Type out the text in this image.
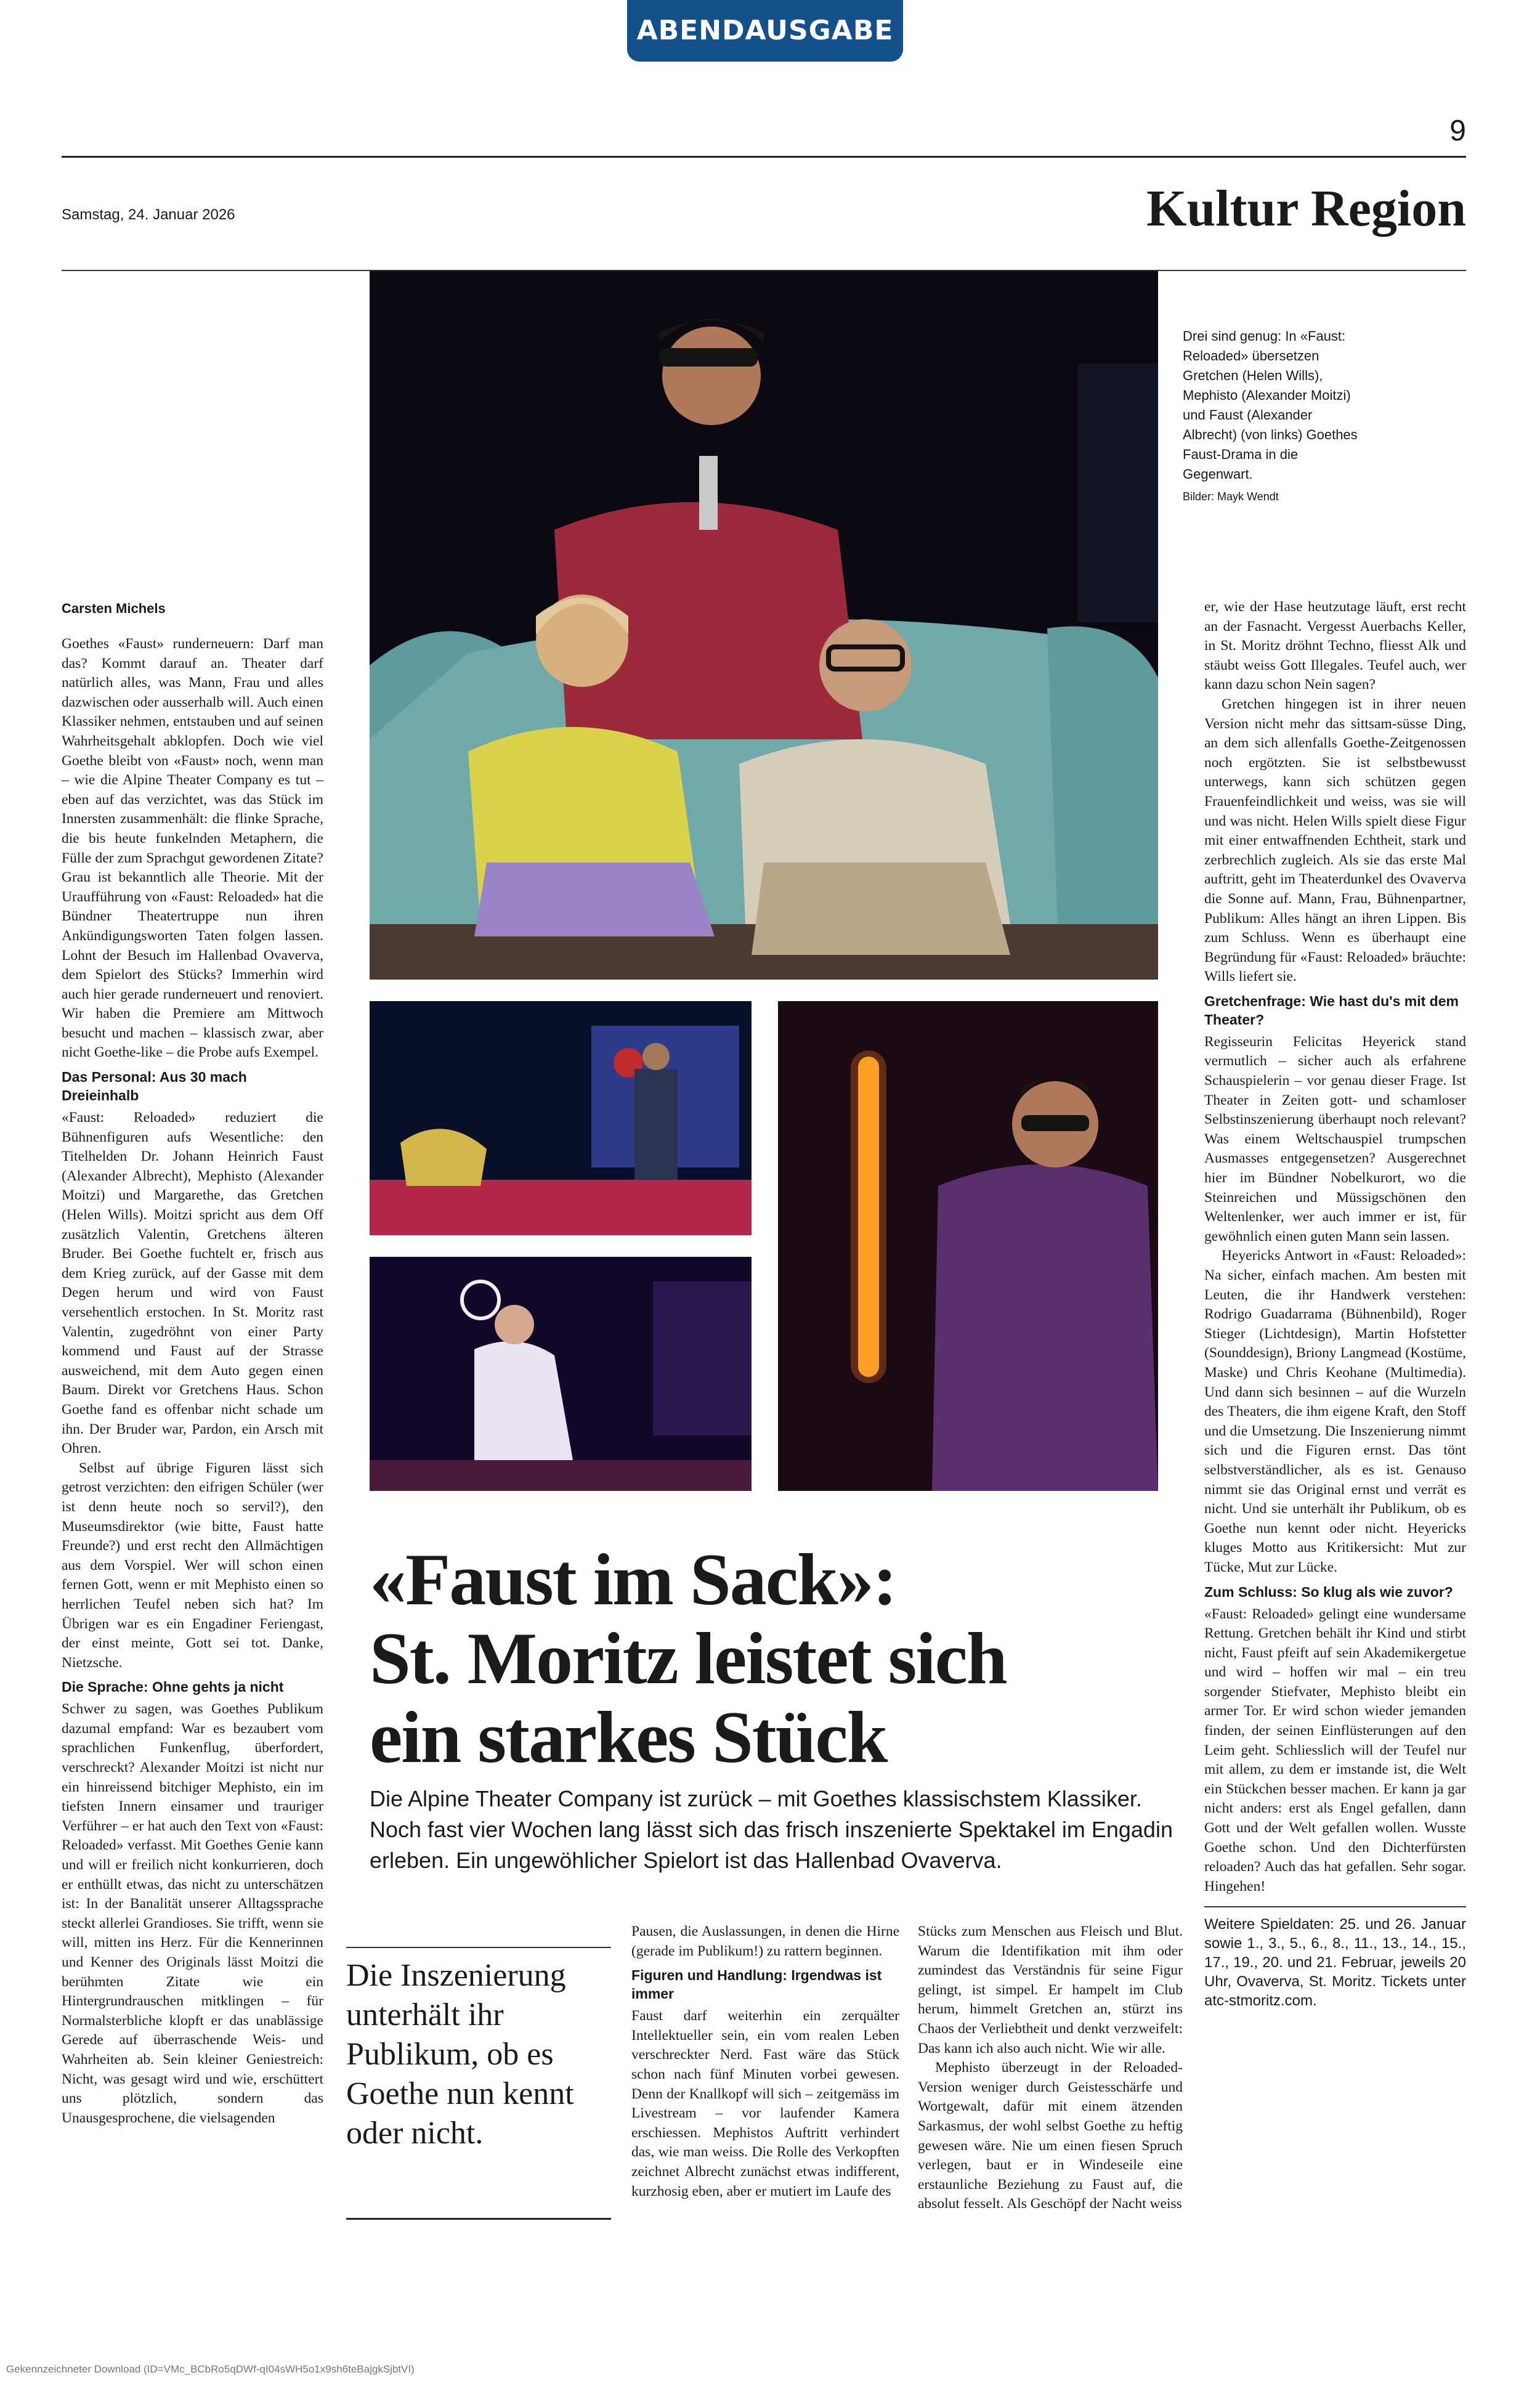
ABENDAUSGABE
9
Samstag, 24. Januar 2026	Kultur Region
Drei sind genug: In «Faust: Reloaded» übersetzen Gretchen (Helen Wills), Mephisto (Alexander Moitzi) und Faust (Alexander Albrecht) (von links) Goethes Faust-Drama in die Gegenwart.
Bilder: Mayk Wendt
Carsten Michels

Goethes «Faust» runderneuern: Darf man das? Kommt darauf an. Theater darf natürlich alles, was Mann, Frau und alles dazwischen oder ausserhalb will. Auch einen Klassiker nehmen, entstauben und auf seinen Wahrheitsgehalt abklopfen. Doch wie viel Goethe bleibt von «Faust» noch, wenn man – wie die Alpine Theater Company es tut – eben auf das verzichtet, was das Stück im Innersten zusammenhält: die flinke Sprache, die bis heute funkelnden Metaphern, die Fülle der zum Sprachgut gewordenen Zitate? Grau ist bekanntlich alle Theorie. Mit der Uraufführung von «Faust: Reloaded» hat die Bündner Theatertruppe nun ihren Ankündigungsworten Taten folgen lassen. Lohnt der Besuch im Hallenbad Ovaverva, dem Spielort des Stücks? Immerhin wird auch hier gerade runderneuert und renoviert. Wir haben die Premiere am Mittwoch besucht und machen – klassisch zwar, aber nicht Goethe-like – die Probe aufs Exempel.

Das Personal: Aus 30 mach Dreieinhalb

«Faust: Reloaded» reduziert die Bühnenfiguren aufs Wesentliche: den Titelhelden Dr. Johann Heinrich Faust (Alexander Albrecht), Mephisto (Alexander Moitzi) und Margarethe, das Gretchen (Helen Wills). Moitzi spricht aus dem Off zusätzlich Valentin, Gretchens älteren Bruder. Bei Goethe fuchtelt er, frisch aus dem Krieg zurück, auf der Gasse mit dem Degen herum und wird von Faust versehentlich erstochen. In St. Moritz rast Valentin, zugedröhnt von einer Party kommend und Faust auf der Strasse ausweichend, mit dem Auto gegen einen Baum. Direkt vor Gretchens Haus. Schon Goethe fand es offenbar nicht schade um ihn. Der Bruder war, Pardon, ein Arsch mit Ohren.

Selbst auf übrige Figuren lässt sich getrost verzichten: den eifrigen Schüler (wer ist denn heute noch so servil?), den Museumsdirektor (wie bitte, Faust hatte Freunde?) und erst recht den Allmächtigen aus dem Vorspiel. Wer will schon einen fernen Gott, wenn er mit Mephisto einen so herrlichen Teufel neben sich hat? Im Übrigen war es ein Engadiner Feriengast, der einst meinte, Gott sei tot. Danke, Nietzsche.

Die Sprache: Ohne gehts ja nicht

Schwer zu sagen, was Goethes Publikum dazumal empfand: War es bezaubert vom sprachlichen Funkenflug, überfordert, verschreckt? Alexander Moitzi ist nicht nur ein hinreissend bitchiger Mephisto, ein im tiefsten Innern einsamer und trauriger Verführer – er hat auch den Text von «Faust: Reloaded» verfasst. Mit Goethes Genie kann und will er freilich nicht konkurrieren, doch er enthüllt etwas, das nicht zu unterschätzen ist: In der Banalität unserer Alltagssprache steckt allerlei Grandioses. Sie trifft, wenn sie will, mitten ins Herz. Für die Kennerinnen und Kenner des Originals lässt Moitzi die berühmten Zitate wie ein Hintergrundrauschen mitklingen – für Normalsterbliche klopft er das unablässige Gerede auf überraschende Weis- und Wahrheiten ab. Sein kleiner Geniestreich: Nicht, was gesagt wird und wie, erschüttert uns plötzlich, sondern das Unausgesprochene, die vielsagenden

«Faust im Sack»:
St. Moritz leistet sich
ein starkes Stück
Die Alpine Theater Company ist zurück – mit Goethes klassischstem Klassiker. Noch fast vier Wochen lang lässt sich das frisch inszenierte Spektakel im Engadin erleben. Ein ungewöhlicher Spielort ist das Hallenbad Ovaverva.
Die Inszenierung unterhält ihr Publikum, ob es Goethe nun kennt oder nicht.

Pausen, die Auslassungen, in denen die Hirne (gerade im Publikum!) zu rattern beginnen.

Figuren und Handlung: Irgendwas ist immer

Faust darf weiterhin ein zerquälter Intellektueller sein, ein vom realen Leben verschreckter Nerd. Fast wäre das Stück schon nach fünf Minuten vorbei gewesen. Denn der Knallkopf will sich – zeitgemäss im Livestream – vor laufender Kamera erschiessen. Mephistos Auftritt verhindert das, wie man weiss. Die Rolle des Verkopften zeichnet Albrecht zunächst etwas indifferent, kurzhosig eben, aber er mutiert im Laufe des

Stücks zum Menschen aus Fleisch und Blut. Warum die Identifikation mit ihm oder zumindest das Verständnis für seine Figur gelingt, ist simpel. Er hampelt im Club herum, himmelt Gretchen an, stürzt ins Chaos der Verliebtheit und denkt verzweifelt: Das kann ich also auch nicht. Wie wir alle.

Mephisto überzeugt in der Reloaded-Version weniger durch Geistesschärfe und Wortgewalt, dafür mit einem ätzenden Sarkasmus, der wohl selbst Goethe zu heftig gewesen wäre. Nie um einen fiesen Spruch verlegen, baut er in Windeseile eine erstaunliche Beziehung zu Faust auf, die absolut fesselt. Als Geschöpf der Nacht weiss

er, wie der Hase heutzutage läuft, erst recht an der Fasnacht. Vergesst Auerbachs Keller, in St. Moritz dröhnt Techno, fliesst Alk und stäubt weiss Gott Illegales. Teufel auch, wer kann dazu schon Nein sagen?

Gretchen hingegen ist in ihrer neuen Version nicht mehr das sittsam-süsse Ding, an dem sich allenfalls Goethe-Zeitgenossen noch ergötzten. Sie ist selbstbewusst unterwegs, kann sich schützen gegen Frauenfeindlichkeit und weiss, was sie will und was nicht. Helen Wills spielt diese Figur mit einer entwaffnenden Echtheit, stark und zerbrechlich zugleich. Als sie das erste Mal auftritt, geht im Theaterdunkel des Ovaverva die Sonne auf. Mann, Frau, Bühnenpartner, Publikum: Alles hängt an ihren Lippen. Bis zum Schluss. Wenn es überhaupt eine Begründung für «Faust: Reloaded» bräuchte: Wills liefert sie.

Gretchenfrage: Wie hast du's mit dem Theater?

Regisseurin Felicitas Heyerick stand vermutlich – sicher auch als erfahrene Schauspielerin – vor genau dieser Frage. Ist Theater in Zeiten gott- und schamloser Selbstinszenierung überhaupt noch relevant? Was einem Weltschauspiel trumpschen Ausmasses entgegensetzen? Ausgerechnet hier im Bündner Nobelkurort, wo die Steinreichen und Müssigschönen den Weltenlenker, wer auch immer er ist, für gewöhnlich einen guten Mann sein lassen.

Heyericks Antwort in «Faust: Reloaded»: Na sicher, einfach machen. Am besten mit Leuten, die ihr Handwerk verstehen: Rodrigo Guadarrama (Bühnenbild), Roger Stieger (Lichtdesign), Martin Hofstetter (Sounddesign), Briony Langmead (Kostüme, Maske) und Chris Keohane (Multimedia). Und dann sich besinnen – auf die Wurzeln des Theaters, die ihm eigene Kraft, den Stoff und die Umsetzung. Die Inszenierung nimmt sich und die Figuren ernst. Das tönt selbstverständlicher, als es ist. Genauso nimmt sie das Original ernst und verrät es nicht. Und sie unterhält ihr Publikum, ob es Goethe nun kennt oder nicht. Heyericks kluges Motto aus Kritikersicht: Mut zur Tücke, Mut zur Lücke.

Zum Schluss: So klug als wie zuvor?

«Faust: Reloaded» gelingt eine wundersame Rettung. Gretchen behält ihr Kind und stirbt nicht, Faust pfeift auf sein Akademikergetue und wird – hoffen wir mal – ein treu sorgender Stiefvater, Mephisto bleibt ein armer Tor. Er wird schon wieder jemanden finden, der seinen Einflüsterungen auf den Leim geht. Schliesslich will der Teufel nur mit allem, zu dem er imstande ist, die Welt ein Stückchen besser machen. Er kann ja gar nicht anders: erst als Engel gefallen, dann Gott und der Welt gefallen wollen. Wusste Goethe schon. Und den Dichterfürsten reloaden? Auch das hat gefallen. Sehr sogar. Hingehen!

Weitere Spieldaten: 25. und 26. Januar sowie 1., 3., 5., 6., 8., 11., 13., 14., 15., 17., 19., 20. und 21. Februar, jeweils 20 Uhr, Ovaverva, St. Moritz. Tickets unter atc-stmoritz.com.
Gekennzeichneter Download (ID=VMc_BCbRo5qDWf-qI04sWH5o1x9sh6teBajgkSjbtVI)
